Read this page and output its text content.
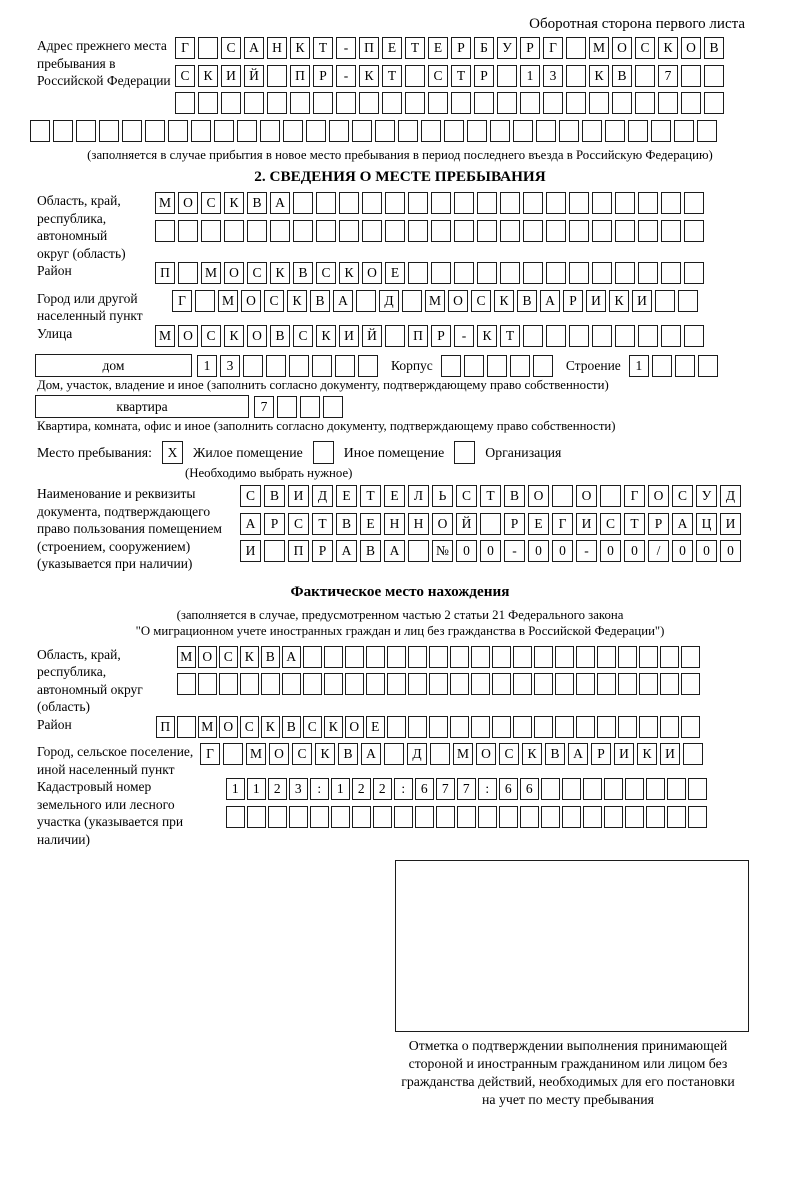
Оборотная сторона первого листа
Адрес прежнего места пребывания в Российской Федерации
Г	С	А Н	К	Т	-	П	Е	Т	Е	Р	Б	У	Р	Г	М О	С	К	О	В
С	К	И Й	П	Р	-	К	Т	С	Т	Р	1	3	К	В	7
(заполняется в случае прибытия в новое место пребывания в период последнего въезда в Российскую Федерацию)
2. СВЕДЕНИЯ О МЕСТЕ ПРЕБЫВАНИЯ
Область, край, республика, автономный округ (область)
М О	С	К	В	А
Район	П	М О	С	К	В	С	К	О	Е
Город или другой населенный пункт
Г	М О	С	К	В	А	Д	М О	С	К	В	А	Р	И	К	И
Улица	М О	С	К	О	В	С	К	И Й	П	Р	-	К	Т
дом	1	3	Корпус	Строение	1
Дом, участок, владение и иное (заполнить согласно документу, подтверждающему право собственности)
квартира	7
Квартира, комната, офис и иное (заполнить согласно документу, подтверждающему право собственности)
Место пребывания:	X	Жилое помещение	Иное помещение	Организация
(Необходимо выбрать нужное)
Наименование и реквизиты документа, подтверждающего право пользования помещением (строением, сооружением) (указывается при наличии)
С	В	И	Д	Е	Т	Е	Л	Ь	С	Т	В	О	О	Г	О	С	У	Д
А	Р	С	Т	В	Е	Н	Н	О	Й	Р	Е	Г	И	С	Т	Р	А	Ц	И
И	П	Р	А	В	А	№	0	0	-	0	0	-	0	0	/	0	0	0
Фактическое место нахождения
(заполняется в случае, предусмотренном частью 2 статьи 21 Федерального закона
"О миграционном учете иностранных граждан и лиц без гражданства в Российской Федерации")
Область, край, республика, автономный округ (область)
М О С К В А
Район	П	М О С К В С К О Е
Город, сельское поселение,
иной населенный пункт
Г	М О	С	К	В	А	Д	М О	С	К	В	А	Р	И	К	И
Кадастровый номер земельного или лесного участка (указывается при наличии)
1	1	2	3	:	1	2	2	:	6	7	7	:	6	6
Отметка о подтверждении выполнения принимающей
стороной и иностранным гражданином или лицом без
гражданства действий, необходимых для его постановки
на учет по месту пребывания
